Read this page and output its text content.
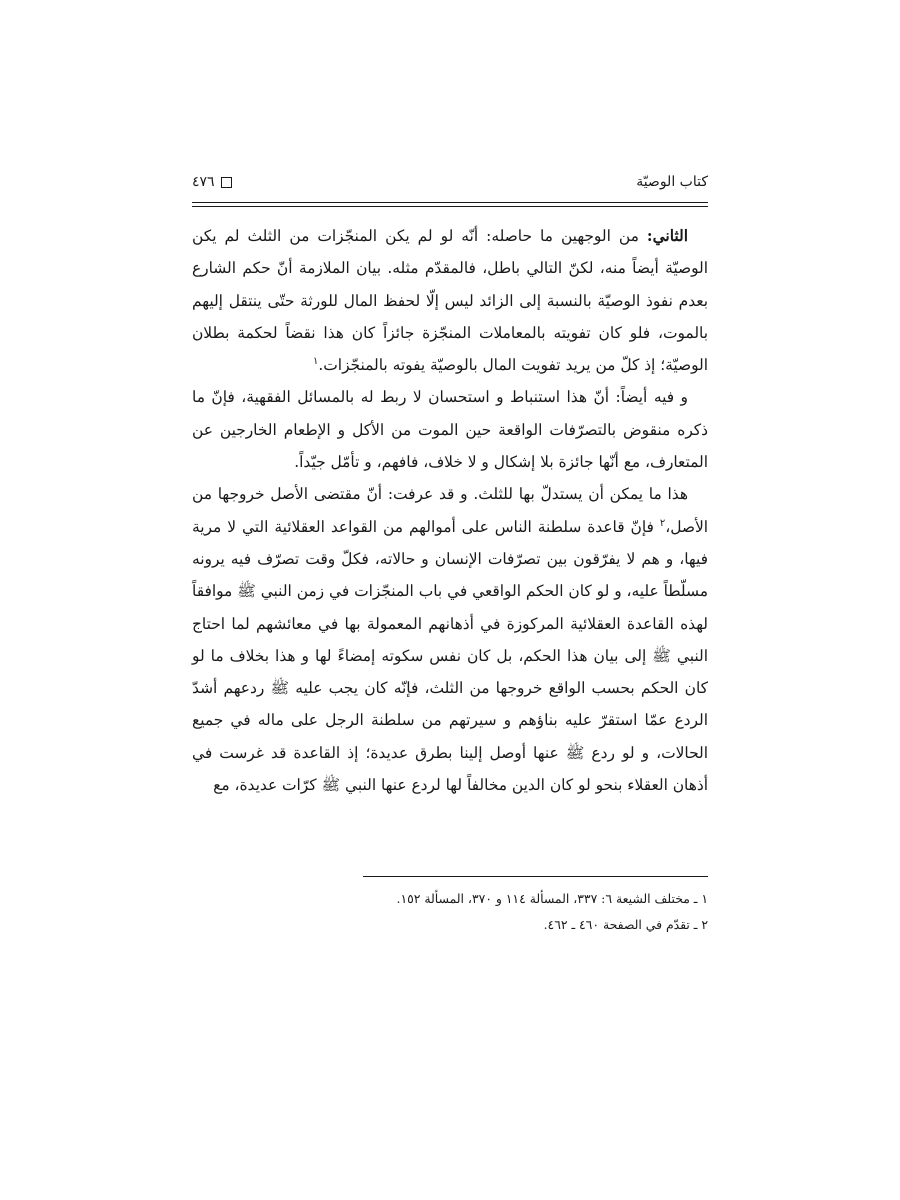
كتاب الوصيّة
٤٧٦

الثاني: من الوجهين ما حاصله: أنّه لو لم يكن المنجّزات من الثلث لم يكن الوصيّة أيضاً منه، لكنّ التالي باطل، فالمقدّم مثله. بيان الملازمة أنّ حكم الشارع بعدم نفوذ الوصيّة بالنسبة إلى الزائد ليس إلّا لحفظ المال للورثة حتّى ينتقل إليهم بالموت، فلو كان تفويته بالمعاملات المنجّزة جائزاً كان هذا نقضاً لحكمة بطلان الوصيّة؛ إذ كلّ من يريد تفويت المال بالوصيّة يفوته بالمنجّزات.$^١$

و فيه أيضاً: أنّ هذا استنباط و استحسان لا ربط له بالمسائل الفقهية، فإنّ ما ذكره منقوض بالتصرّفات الواقعة حين الموت من الأكل و الإطعام الخارجين عن المتعارف، مع أنّها جائزة بلا إشكال و لا خلاف، فافهم، و تأمّل جيّداً.

هذا ما يمكن أن يستدلّ بها للثلث. و قد عرفت: أنّ مقتضى الأصل خروجها من الأصل،$^٢$ فإنّ قاعدة سلطنة الناس على أموالهم من القواعد العقلائية التي لا مرية فيها، و هم لا يفرّقون بين تصرّفات الإنسان و حالاته، فكلّ وقت تصرّف فيه يرونه مسلّطاً عليه، و لو كان الحكم الواقعي في باب المنجّزات في زمن النبي ﷺ موافقاً لهذه القاعدة العقلائية المركوزة في أذهانهم المعمولة بها في معائشهم لما احتاج النبي ﷺ إلى بيان هذا الحكم، بل كان نفس سكوته إمضاءً لها و هذا بخلاف ما لو كان الحكم بحسب الواقع خروجها من الثلث، فإنّه كان يجب عليه ﷺ ردعهم أشدّ الردع عمّا استقرّ عليه بناؤهم و سيرتهم من سلطنة الرجل على ماله في جميع الحالات، و لو ردع ﷺ عنها أوصل إلينا بطرق عديدة؛ إذ القاعدة قد غرست في أذهان العقلاء بنحو لو كان الدين مخالفاً لها لردع عنها النبي ﷺ كرّات عديدة، مع

١ ـ مختلف الشيعة ٦: ٣٣٧، المسألة ١١٤ و ٣٧٠، المسألة ١٥٢.
٢ ـ تقدّم في الصفحة ٤٦٠ ـ ٤٦٢.
